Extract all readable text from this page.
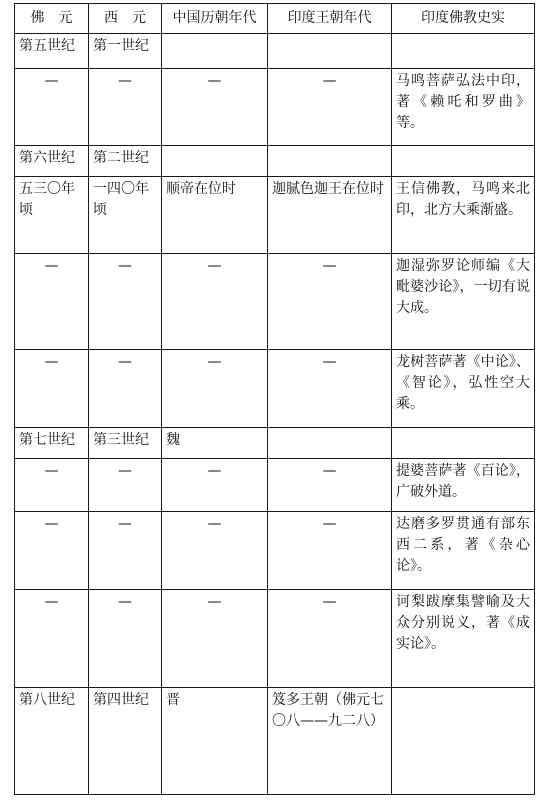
佛　元	西　元	中国历朝年代	印度王朝年代	印度佛教史实
第五世纪	第一世纪			
—	—	—	—	马鸣菩萨弘法中印，著《赖吒和罗曲》等。
第六世纪	第二世纪			
五三〇年顷	一四〇年顷	顺帝在位时	迦腻色迦王在位时	王信佛教，马鸣来北印，北方大乘渐盛。
—	—	—	—	迦湿弥罗论师编《大毗婆沙论》，一切有说大成。
—	—	—	—	龙树菩萨著《中论》、《智论》，弘性空大乘。
第七世纪	第三世纪	魏		
—	—	—	—	提婆菩萨著《百论》，广破外道。
—	—	—	—	达磨多罗贯通有部东西二系，著《杂心论》。
—	—	—	—	诃梨跋摩集譬喻及大众分别说义，著《成实论》。
第八世纪	第四世纪	晋	笈多王朝（佛元七〇八——九二八）	
